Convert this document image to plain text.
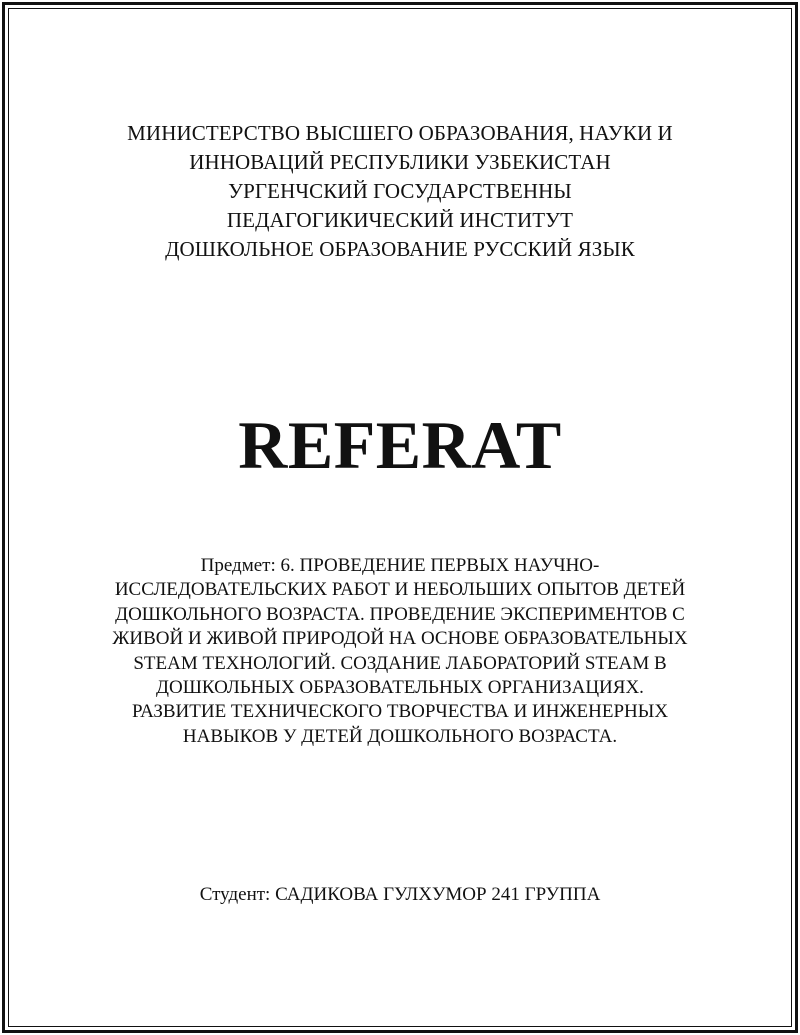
МИНИСТЕРСТВО ВЫСШЕГО ОБРАЗОВАНИЯ, НАУКИ И
ИННОВАЦИЙ РЕСПУБЛИКИ УЗБЕКИСТАН
УРГЕНЧСКИЙ ГОСУДАРСТВЕННЫ
ПЕДАГОГИКИЧЕСКИЙ ИНСТИТУТ
ДОШКОЛЬНОЕ ОБРАЗОВАНИЕ РУССКИЙ ЯЗЫК
REFERAT
Предмет: 6. ПРОВЕДЕНИЕ ПЕРВЫХ НАУЧНО-
ИССЛЕДОВАТЕЛЬСКИХ РАБОТ И НЕБОЛЬШИХ ОПЫТОВ ДЕТЕЙ
ДОШКОЛЬНОГО ВОЗРАСТА. ПРОВЕДЕНИЕ ЭКСПЕРИМЕНТОВ С
ЖИВОЙ И ЖИВОЙ ПРИРОДОЙ НА ОСНОВЕ ОБРАЗОВАТЕЛЬНЫХ
STEAM ТЕХНОЛОГИЙ. СОЗДАНИЕ ЛАБОРАТОРИЙ STEAM В
ДОШКОЛЬНЫХ ОБРАЗОВАТЕЛЬНЫХ ОРГАНИЗАЦИЯХ.
РАЗВИТИЕ ТЕХНИЧЕСКОГО ТВОРЧЕСТВА И ИНЖЕНЕРНЫХ
НАВЫКОВ У ДЕТЕЙ ДОШКОЛЬНОГО ВОЗРАСТА.
Студент: САДИКОВА ГУЛХУМОР 241 ГРУППА
